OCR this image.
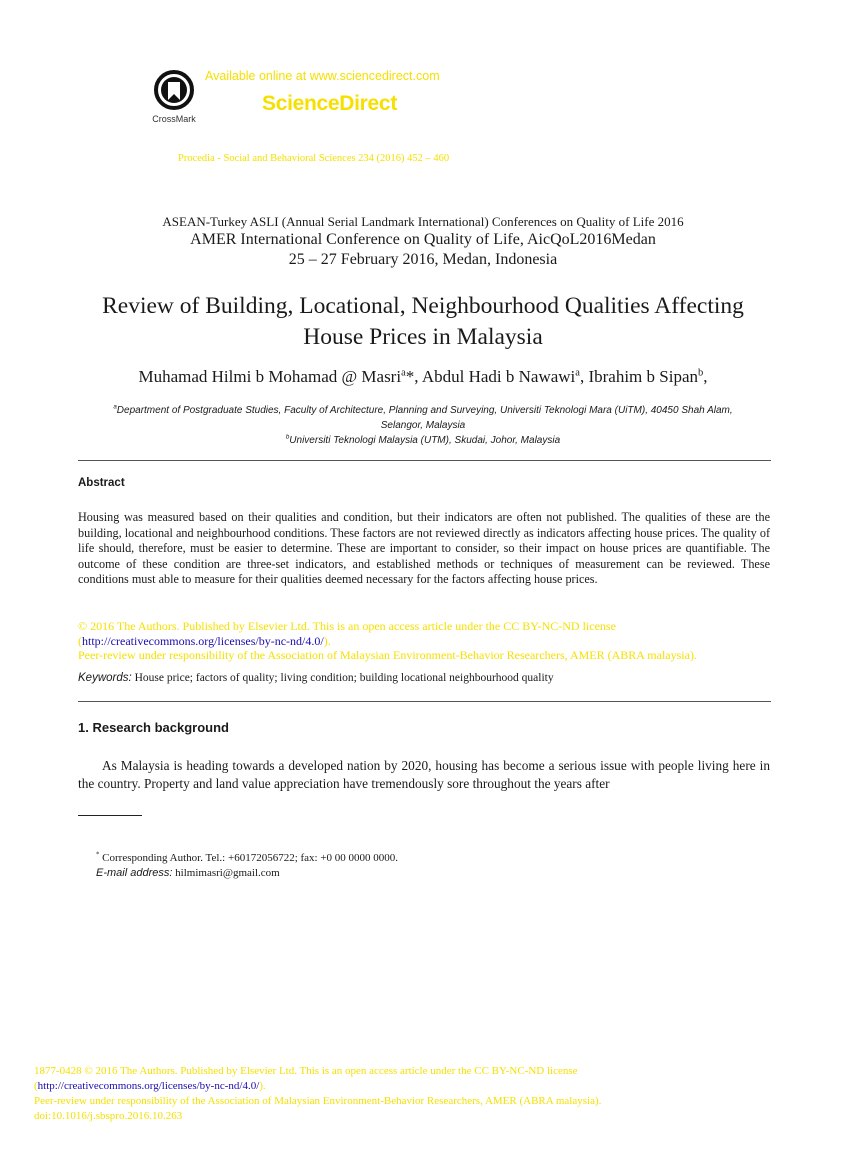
CrossMark
Available online at www.sciencedirect.com
ScienceDirect
Procedia - Social and Behavioral Sciences 234 (2016) 452 – 460
ASEAN-Turkey ASLI (Annual Serial Landmark International) Conferences on Quality of Life 2016
AMER International Conference on Quality of Life, AicQoL2016Medan
25 – 27 February 2016, Medan, Indonesia
Review of Building, Locational, Neighbourhood Qualities Affecting
House Prices in Malaysia
Muhamad Hilmi b Mohamad @ Masri$^a$*, Abdul Hadi b Nawawi$^a$, Ibrahim b Sipan$^b$,
$^a$Department of Postgraduate Studies, Faculty of Architecture, Planning and Surveying, Universiti Teknologi Mara (UiTM), 40450 Shah Alam,
Selangor, Malaysia
$^b$Universiti Teknologi Malaysia (UTM), Skudai, Johor, Malaysia
Abstract
Housing was measured based on their qualities and condition, but their indicators are often not published. The qualities of these are the building, locational and neighbourhood conditions. These factors are not reviewed directly as indicators affecting house prices. The quality of life should, therefore, must be easier to determine. These are important to consider, so their impact on house prices are quantifiable. The outcome of these condition are three-set indicators, and established methods or techniques of measurement can be reviewed. These conditions must able to measure for their qualities deemed necessary for the factors affecting house prices.
© 2016 The Authors. Published by Elsevier Ltd. This is an open access article under the CC BY-NC-ND license
(http://creativecommons.org/licenses/by-nc-nd/4.0/).
Peer-review under responsibility of the Association of Malaysian Environment-Behavior Researchers, AMER (ABRA malaysia).
Keywords: House price; factors of quality; living condition; building locational neighbourhood quality
1. Research background

As Malaysia is heading towards a developed nation by 2020, housing has become a serious issue with people living here in the country. Property and land value appreciation have tremendously sore throughout the years after

* Corresponding Author. Tel.: +60172056722; fax: +0 00 0000 0000.
E-mail address: hilmimasri@gmail.com
1877-0428 © 2016 The Authors. Published by Elsevier Ltd. This is an open access article under the CC BY-NC-ND license
(http://creativecommons.org/licenses/by-nc-nd/4.0/).
Peer-review under responsibility of the Association of Malaysian Environment-Behavior Researchers, AMER (ABRA malaysia).
doi:10.1016/j.sbspro.2016.10.263
